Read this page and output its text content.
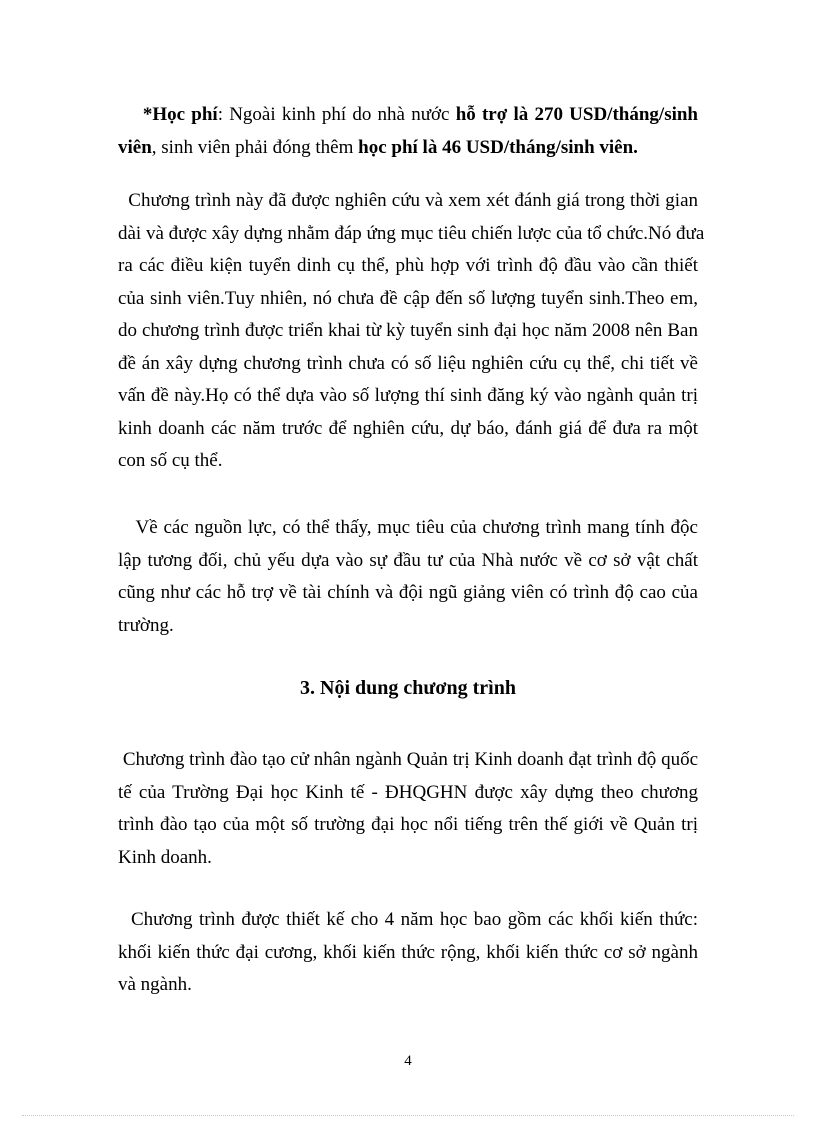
*Học phí: Ngoài kinh phí do nhà nước hỗ trợ là 270 USD/tháng/sinh
viên, sinh viên phải đóng thêm học phí là 46 USD/tháng/sinh viên.
Chương trình này đã được nghiên cứu và xem xét đánh giá trong thời gian
dài và được xây dựng nhằm đáp ứng mục tiêu chiến lược của tổ chức.Nó đưa
ra các điều kiện tuyển dinh cụ thể, phù hợp với trình độ đầu vào cần thiết
của sinh viên.Tuy nhiên, nó chưa đề cập đến số lượng tuyển sinh.Theo em,
do chương trình được triển khai từ kỳ tuyển sinh đại học năm 2008 nên Ban
đề án xây dựng chương trình chưa có số liệu nghiên cứu cụ thể, chi tiết về
vấn đề này.Họ có thể dựa vào số lượng thí sinh đăng ký vào ngành quản trị
kinh doanh các năm trước để nghiên cứu, dự báo, đánh giá để đưa ra một
con số cụ thể.
Về các nguồn lực, có thể thấy, mục tiêu của chương trình mang tính độc
lập tương đối, chủ yếu dựa vào sự đầu tư của Nhà nước về cơ sở vật chất
cũng như các hỗ trợ về tài chính và đội ngũ giảng viên có trình độ cao của
trường.
3. Nội dung chương trình
Chương trình đào tạo cử nhân ngành Quản trị Kinh doanh đạt trình độ quốc
tế của Trường Đại học Kinh tế - ĐHQGHN được xây dựng theo chương
trình đào tạo của một số trường đại học nổi tiếng trên thế giới về Quản trị
Kinh doanh.
Chương trình được thiết kế cho 4 năm học bao gồm các khối kiến thức:
khối kiến thức đại cương, khối kiến thức rộng, khối kiến thức cơ sở ngành
và ngành.
4
